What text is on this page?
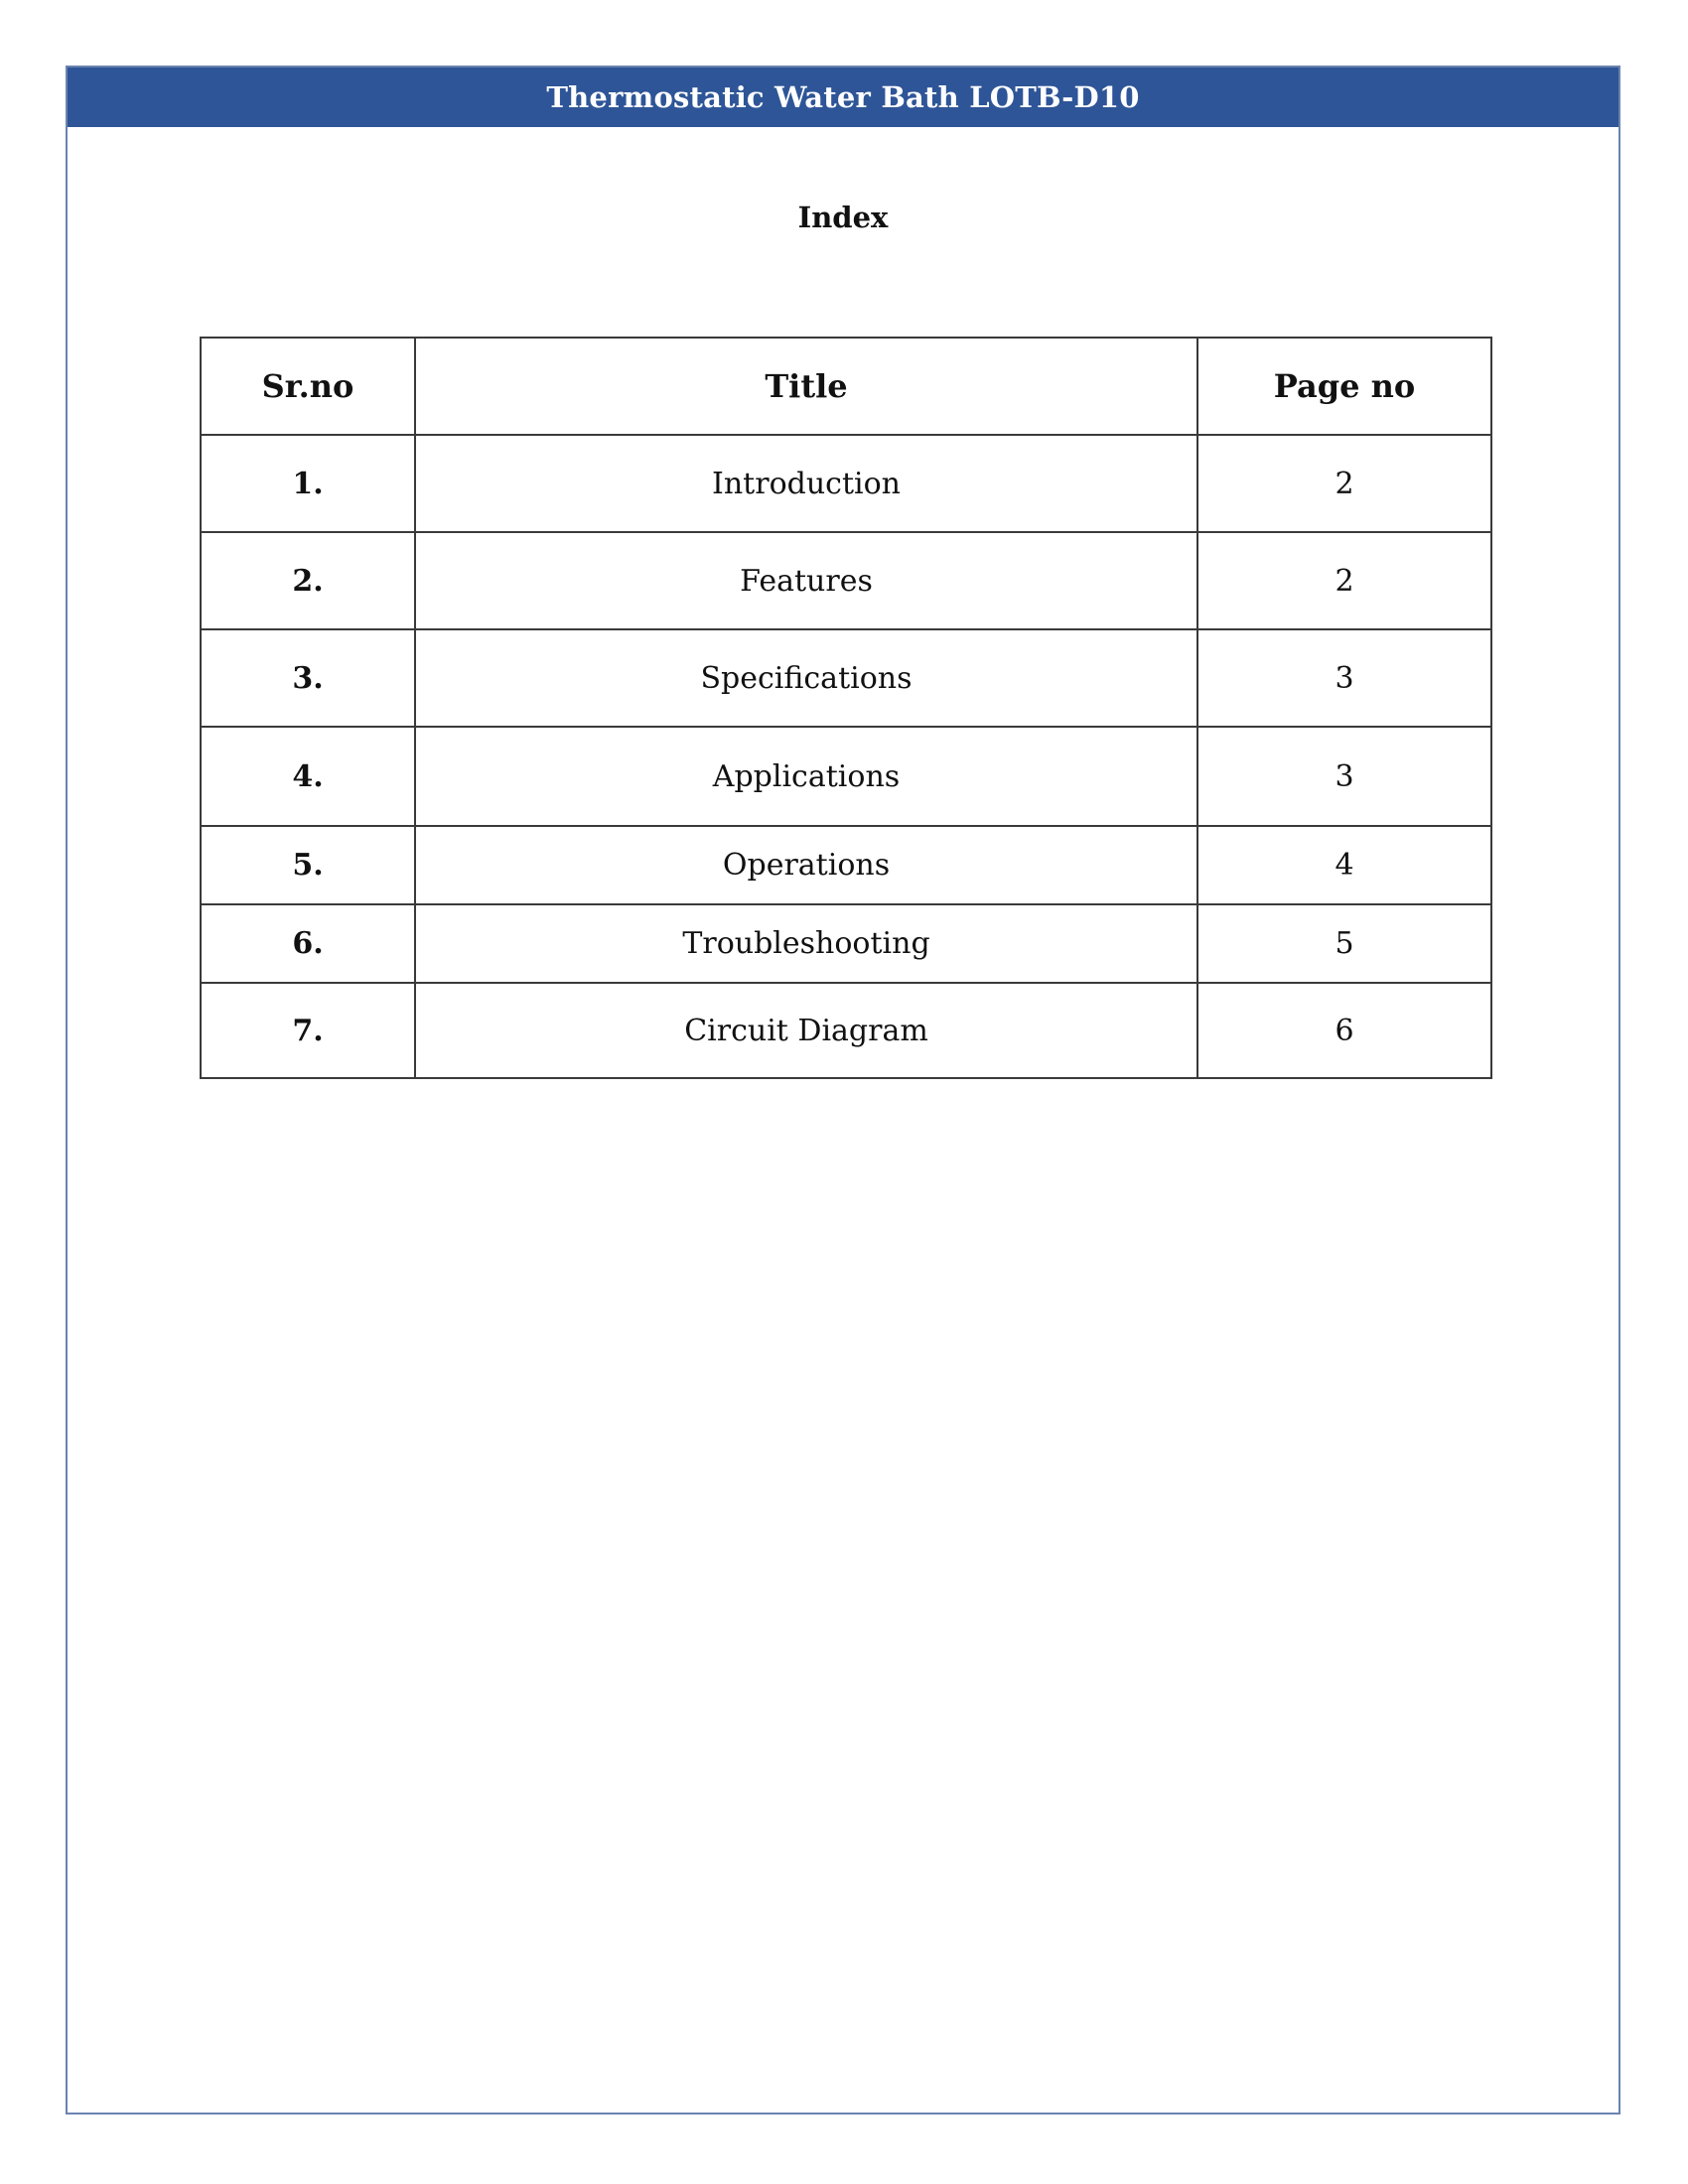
Thermostatic Water Bath LOTB-D10
Index
Sr.no	Title	Page no
1.	Introduction	2
2.	Features	2
3.	Specifications	3
4.	Applications	3
5.	Operations	4
6.	Troubleshooting	5
7.	Circuit Diagram	6
